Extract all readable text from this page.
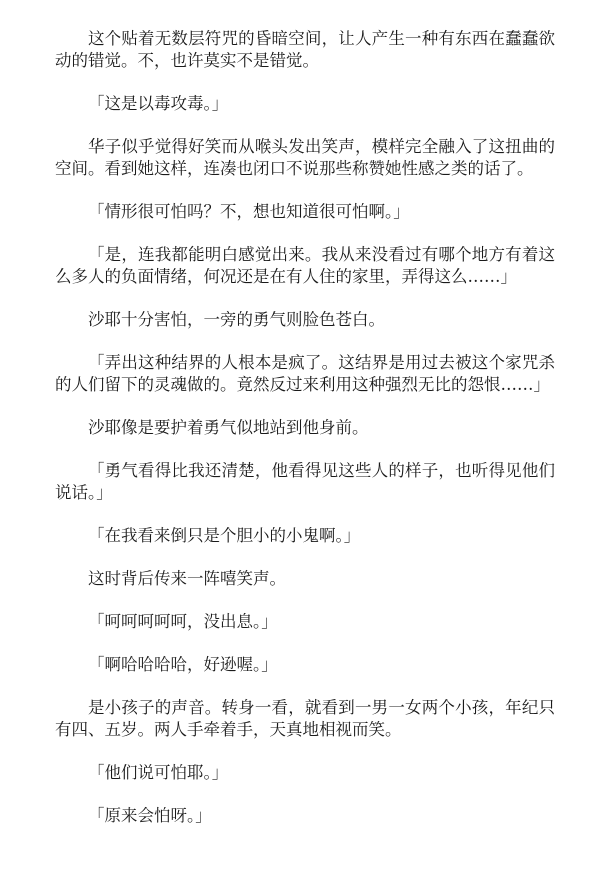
这个贴着无数层符咒的昏暗空间，让人产生一种有东西在蠢蠢欲动的错觉。不，也许莫实不是错觉。

「这是以毒攻毒。」

华子似乎觉得好笑而从喉头发出笑声，模样完全融入了这扭曲的空间。看到她这样，连凑也闭口不说那些称赞她性感之类的话了。

「情形很可怕吗？不，想也知道很可怕啊。」

「是，连我都能明白感觉出来。我从来没看过有哪个地方有着这么多人的负面情绪，何况还是在有人住的家里，弄得这么……」

沙耶十分害怕，一旁的勇气则脸色苍白。

「弄出这种结界的人根本是疯了。这结界是用过去被这个家咒杀的人们留下的灵魂做的。竟然反过来利用这种强烈无比的怨恨……」

沙耶像是要护着勇气似地站到他身前。

「勇气看得比我还清楚，他看得见这些人的样子，也听得见他们说话。」

「在我看来倒只是个胆小的小鬼啊。」

这时背后传来一阵嘻笑声。

「呵呵呵呵呵，没出息。」

「啊哈哈哈哈，好逊喔。」

是小孩子的声音。转身一看，就看到一男一女两个小孩，年纪只有四、五岁。两人手牵着手，天真地相视而笑。

「他们说可怕耶。」

「原来会怕呀。」
